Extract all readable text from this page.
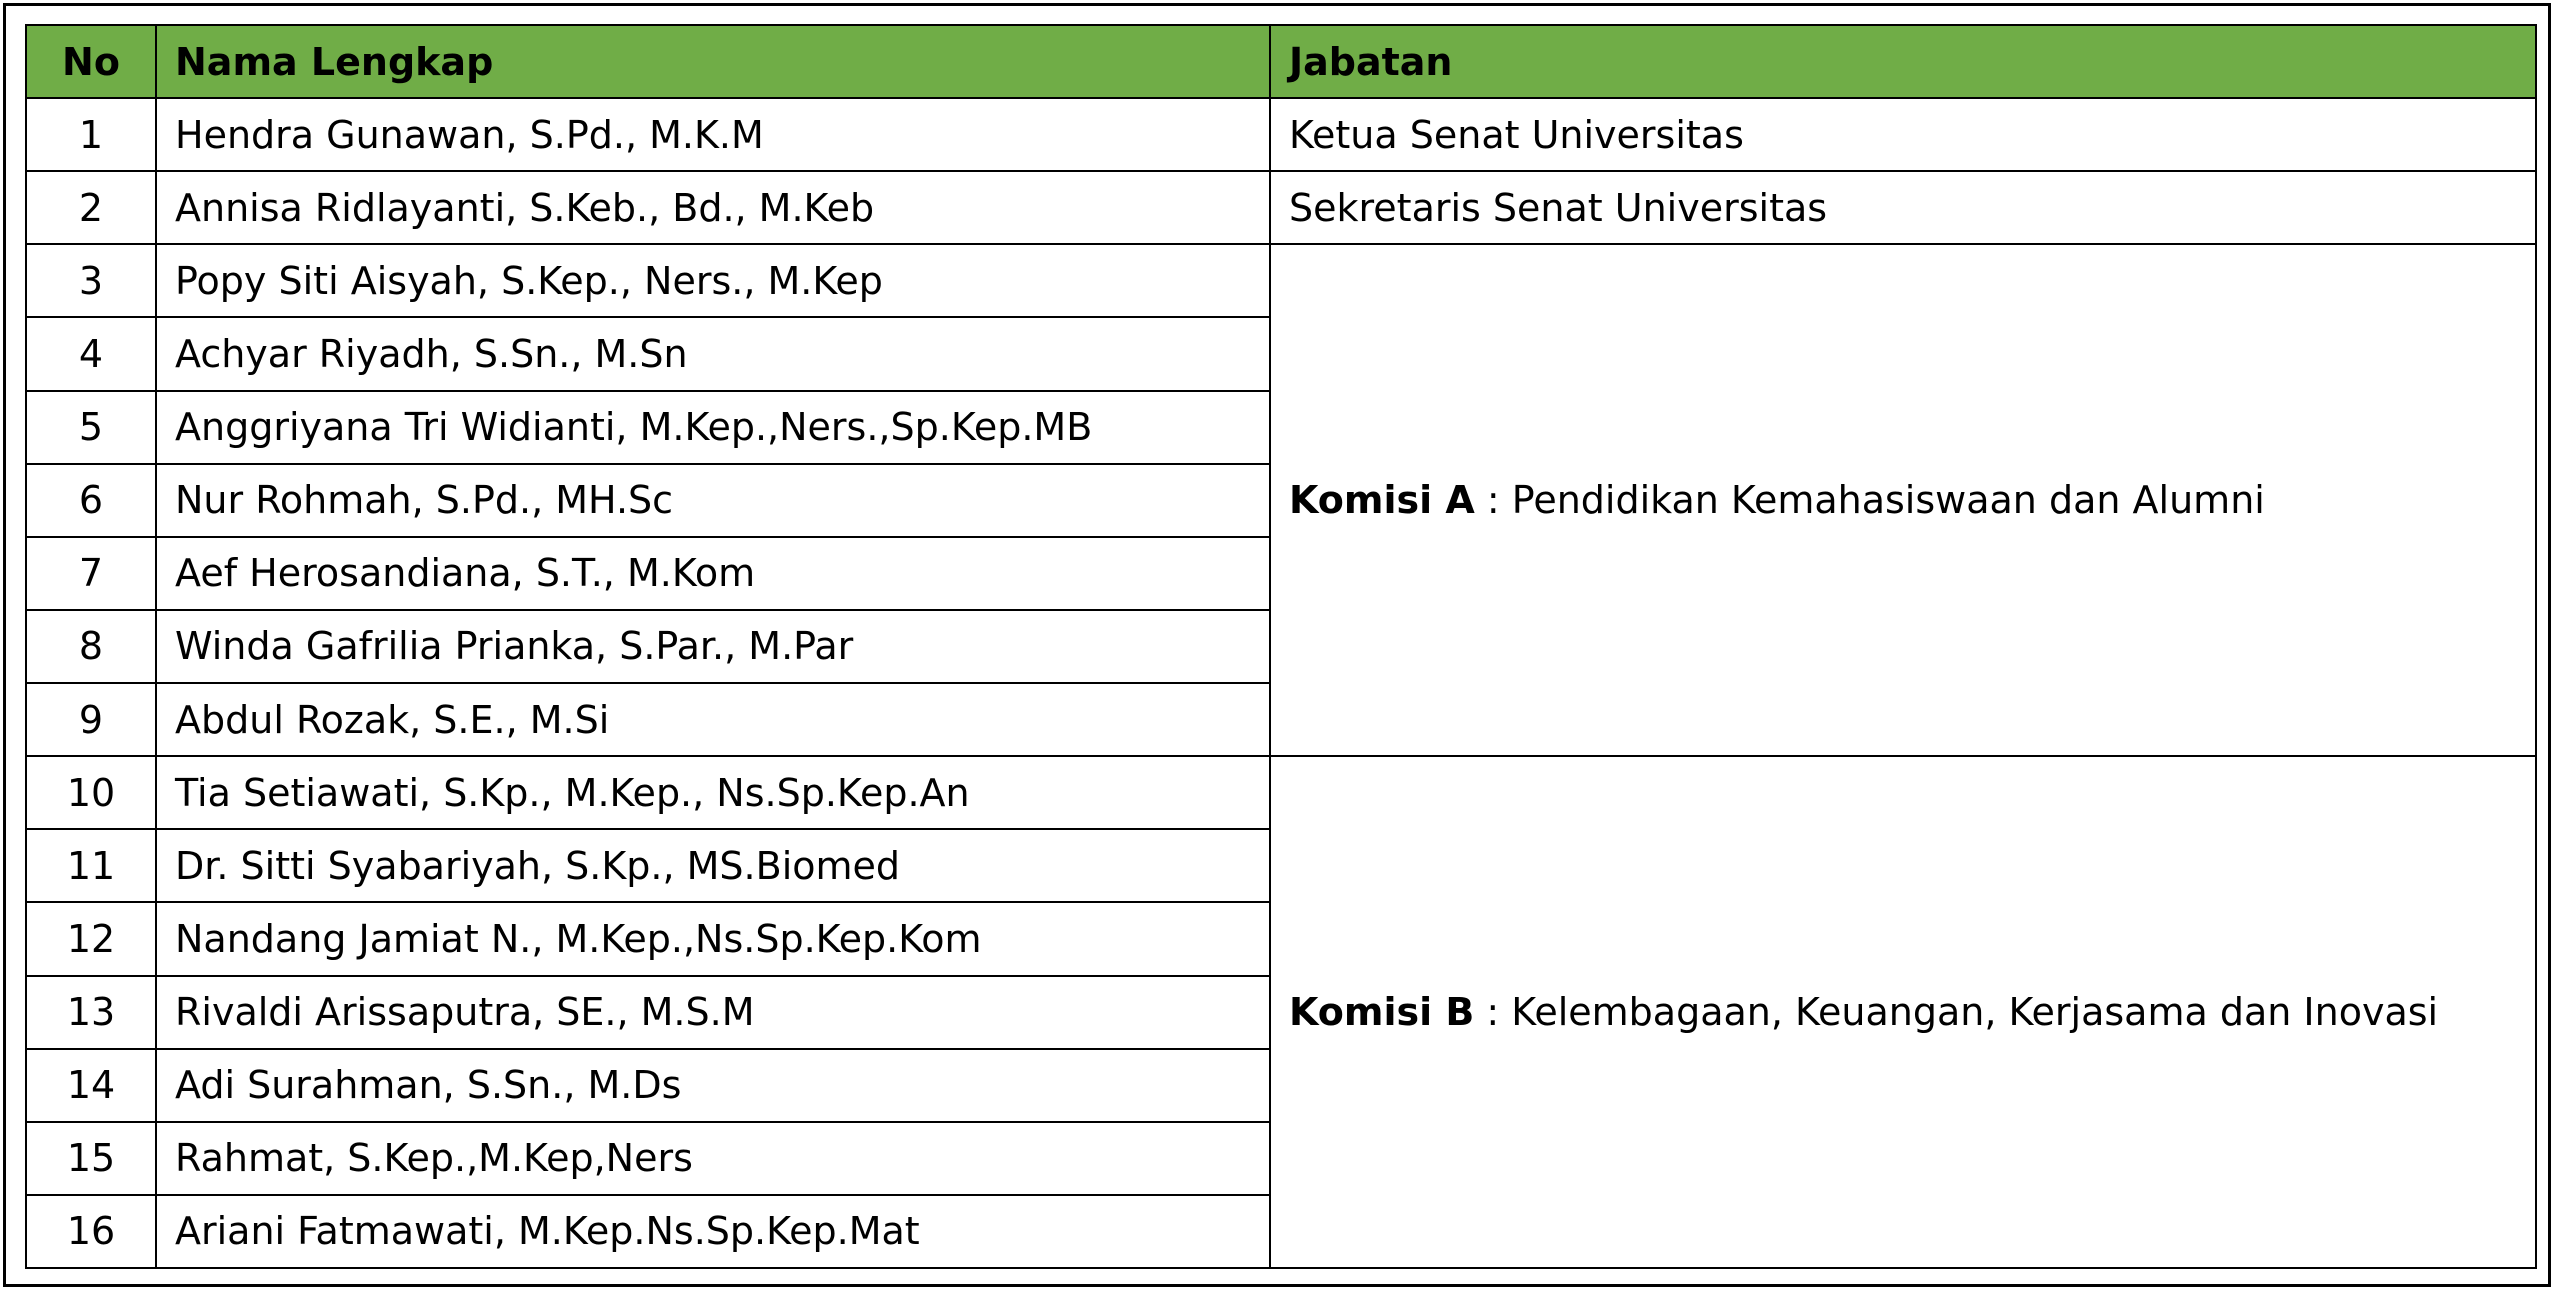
No	Nama Lengkap	Jabatan
1	Hendra Gunawan, S.Pd., M.K.M	Ketua Senat Universitas
2	Annisa Ridlayanti, S.Keb., Bd., M.Keb	Sekretaris Senat Universitas
3	Popy Siti Aisyah, S.Kep., Ners., M.Kep	Komisi A : Pendidikan Kemahasiswaan dan Alumni
4	Achyar Riyadh, S.Sn., M.Sn	
5	Anggriyana Tri Widianti, M.Kep.,Ners.,Sp.Kep.MB	
6	Nur Rohmah, S.Pd., MH.Sc	
7	Aef Herosandiana, S.T., M.Kom	
8	Winda Gafrilia Prianka, S.Par., M.Par	
9	Abdul Rozak, S.E., M.Si	
10	Tia Setiawati, S.Kp., M.Kep., Ns.Sp.Kep.An	Komisi B : Kelembagaan, Keuangan, Kerjasama dan Inovasi
11	Dr. Sitti Syabariyah, S.Kp., MS.Biomed	
12	Nandang Jamiat N., M.Kep.,Ns.Sp.Kep.Kom	
13	Rivaldi Arissaputra, SE., M.S.M	
14	Adi Surahman, S.Sn., M.Ds	
15	Rahmat, S.Kep.,M.Kep,Ners	
16	Ariani Fatmawati, M.Kep.Ns.Sp.Kep.Mat	
